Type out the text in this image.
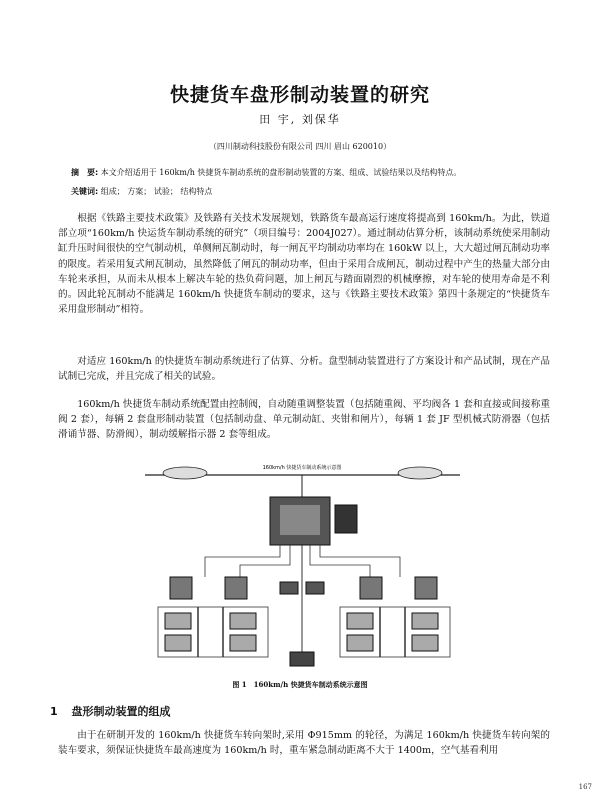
快捷货车盘形制动装置的研究
田 宇, 刘保华
（四川制动科技股份有限公司 四川 眉山 620010）
摘　要: 本文介绍适用于 160km/h 快捷货车制动系统的盘形制动装置的方案、组成、试验结果以及结构特点。
关键词: 组成； 方案； 试验； 结构特点
根据《铁路主要技术政策》及铁路有关技术发展规划，铁路货车最高运行速度将提高到 160km/h。为此，铁道部立项“160km/h 快运货车制动系统的研究”（项目编号：2004J027）。通过制动估算分析，该制动系统使采用制动缸升压时间很快的空气制动机，单侧闸瓦制动时，每一闸瓦平均制动功率均在 160kW 以上，大大超过闸瓦制动功率的限度。若采用复式闸瓦制动，虽然降低了闸瓦的制动功率，但由于采用合成闸瓦，制动过程中产生的热量大部分由车轮来承担，从而未从根本上解决车轮的热负荷问题，加上闸瓦与踏面剧烈的机械摩擦，对车轮的使用寿命是不利的。因此轮瓦制动不能满足 160km/h 快捷货车制动的要求，这与《铁路主要技术政策》第四十条规定的“快捷货车采用盘形制动”相符。
对适应 160km/h 的快捷货车制动系统进行了估算、分析。盘型制动装置进行了方案设计和产品试制，现在产品试制已完成，并且完成了相关的试验。
160km/h 快捷货车制动系统配置由控制阀，自动随重调整装置（包括随重阀、平均阀各 1 套和直接或间接称重阀 2 套），每辆 2 套盘形制动装置（包括制动盘、单元制动缸、夹钳和闸片），每辆 1 套 JF 型机械式防滑器（包括滑诵节器、防滑阀），制动缓解指示器 2 套等组成。
160km/h 快捷货车制动系统示意图
图 1　160km/h 快捷货车制动系统示意图
1 盘形制动装置的组成
由于在研制开发的 160km/h 快捷货车转向架时,采用 Φ915mm 的轮径，为满足 160km/h 快捷货车转向架的装车要求，须保证快捷货车最高速度为 160km/h 时，重车紧急制动距离不大于 1400m，空气基看利用
167
